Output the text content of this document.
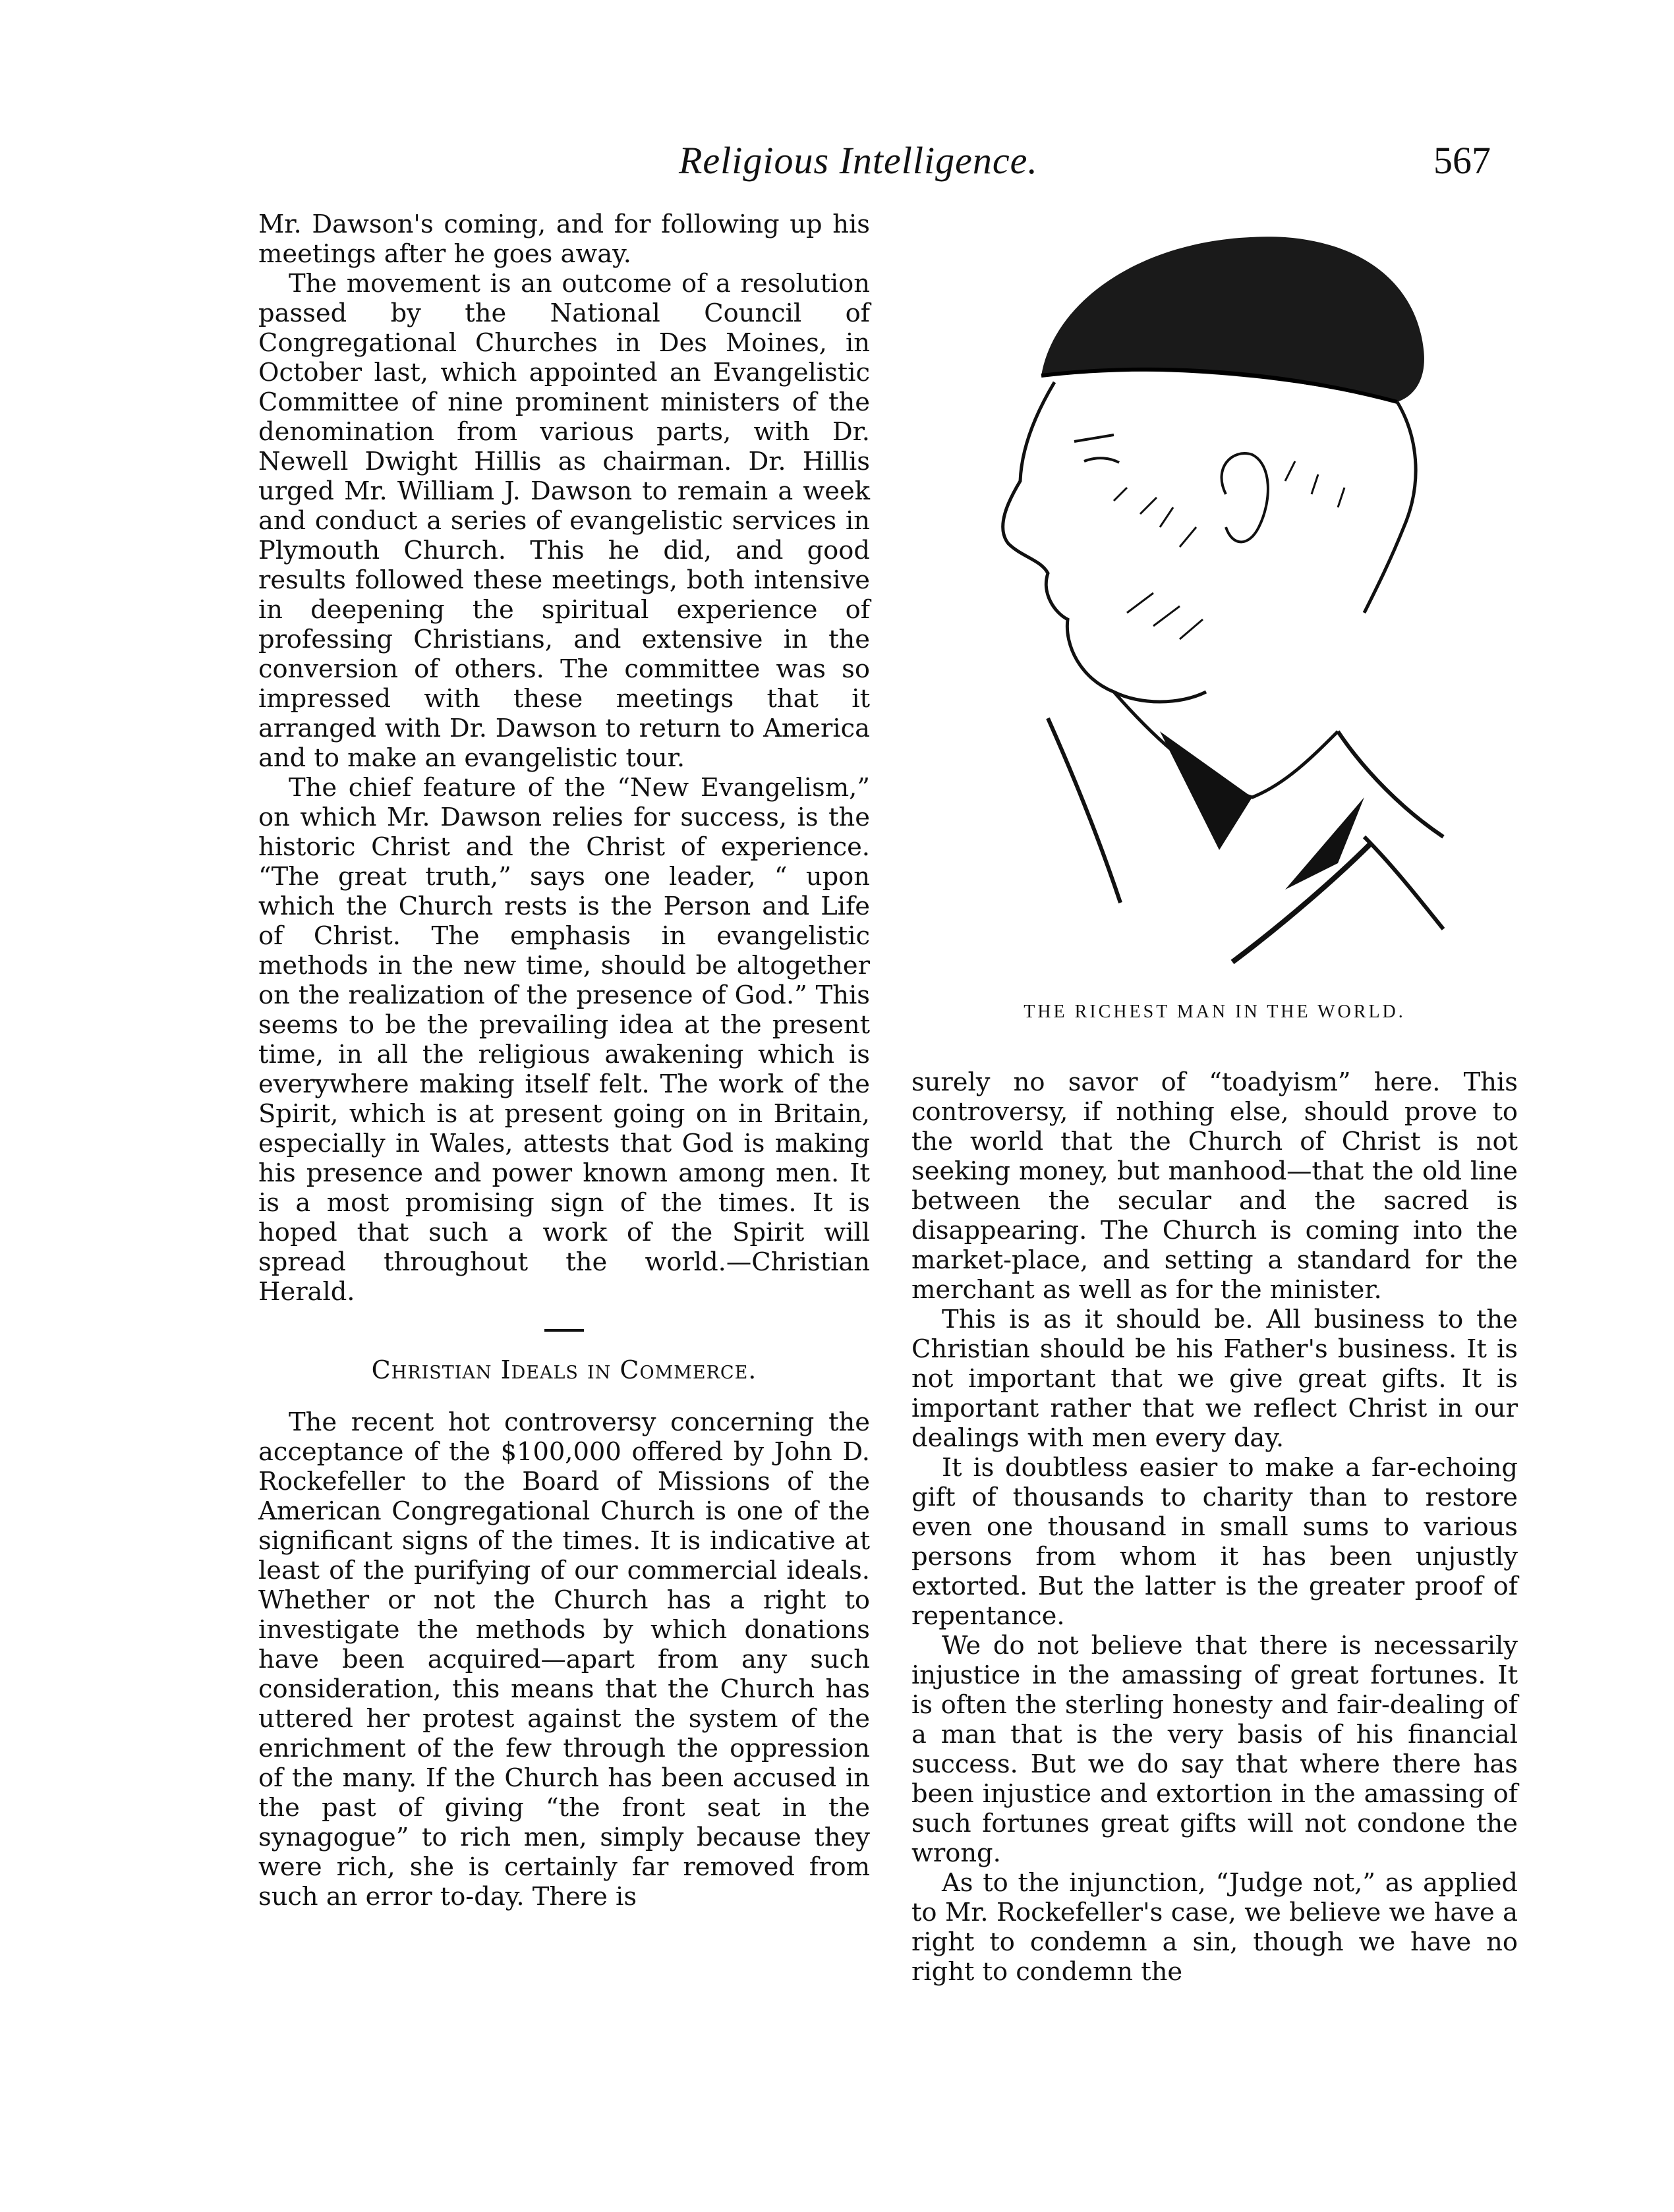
Religious Intelligence.	567

Mr. Dawson's coming, and for following up his meetings after he goes away.

The movement is an outcome of a resolution passed by the National Council of Congregational Churches in Des Moines, in October last, which appointed an Evangelistic Committee of nine prominent ministers of the denomination from various parts, with Dr. Newell Dwight Hillis as chairman. Dr. Hillis urged Mr. William J. Dawson to remain a week and conduct a series of evangelistic services in Plymouth Church. This he did, and good results followed these meetings, both intensive in deepening the spiritual experience of professing Christians, and extensive in the conversion of others. The committee was so impressed with these meetings that it arranged with Dr. Dawson to return to America and to make an evangelistic tour.

The chief feature of the “New Evangelism,” on which Mr. Dawson relies for success, is the historic Christ and the Christ of experience. “The great truth,” says one leader, “ upon which the Church rests is the Person and Life of Christ. The emphasis in evangelistic methods in the new time, should be altogether on the realization of the presence of God.” This seems to be the prevailing idea at the present time, in all the religious awakening which is everywhere making itself felt. The work of the Spirit, which is at present going on in Britain, especially in Wales, attests that God is making his presence and power known among men. It is a most promising sign of the times. It is hoped that such a work of the Spirit will spread throughout the world.—Christian Herald.

Christian Ideals in Commerce.

The recent hot controversy concerning the acceptance of the $100,000 offered by John D. Rockefeller to the Board of Missions of the American Congregational Church is one of the significant signs of the times. It is indicative at least of the purifying of our commercial ideals. Whether or not the Church has a right to investigate the methods by which donations have been acquired—apart from any such consideration, this means that the Church has uttered her protest against the system of the enrichment of the few through the oppression of the many. If the Church has been accused in the past of giving “the front seat in the synagogue” to rich men, simply because they were rich, she is certainly far removed from such an error to-day. There is

THE RICHEST MAN IN THE WORLD.

surely no savor of “toadyism” here. This controversy, if nothing else, should prove to the world that the Church of Christ is not seeking money, but manhood—that the old line between the secular and the sacred is disappearing. The Church is coming into the market-place, and setting a standard for the merchant as well as for the minister.

This is as it should be. All business to the Christian should be his Father's business. It is not important that we give great gifts. It is important rather that we reflect Christ in our dealings with men every day.

It is doubtless easier to make a far-echoing gift of thousands to charity than to restore even one thousand in small sums to various persons from whom it has been unjustly extorted. But the latter is the greater proof of repentance.

We do not believe that there is necessarily injustice in the amassing of great fortunes. It is often the sterling honesty and fair-dealing of a man that is the very basis of his financial success. But we do say that where there has been injustice and extortion in the amassing of such fortunes great gifts will not condone the wrong.

As to the injunction, “Judge not,” as applied to Mr. Rockefeller's case, we believe we have a right to condemn a sin, though we have no right to condemn the
